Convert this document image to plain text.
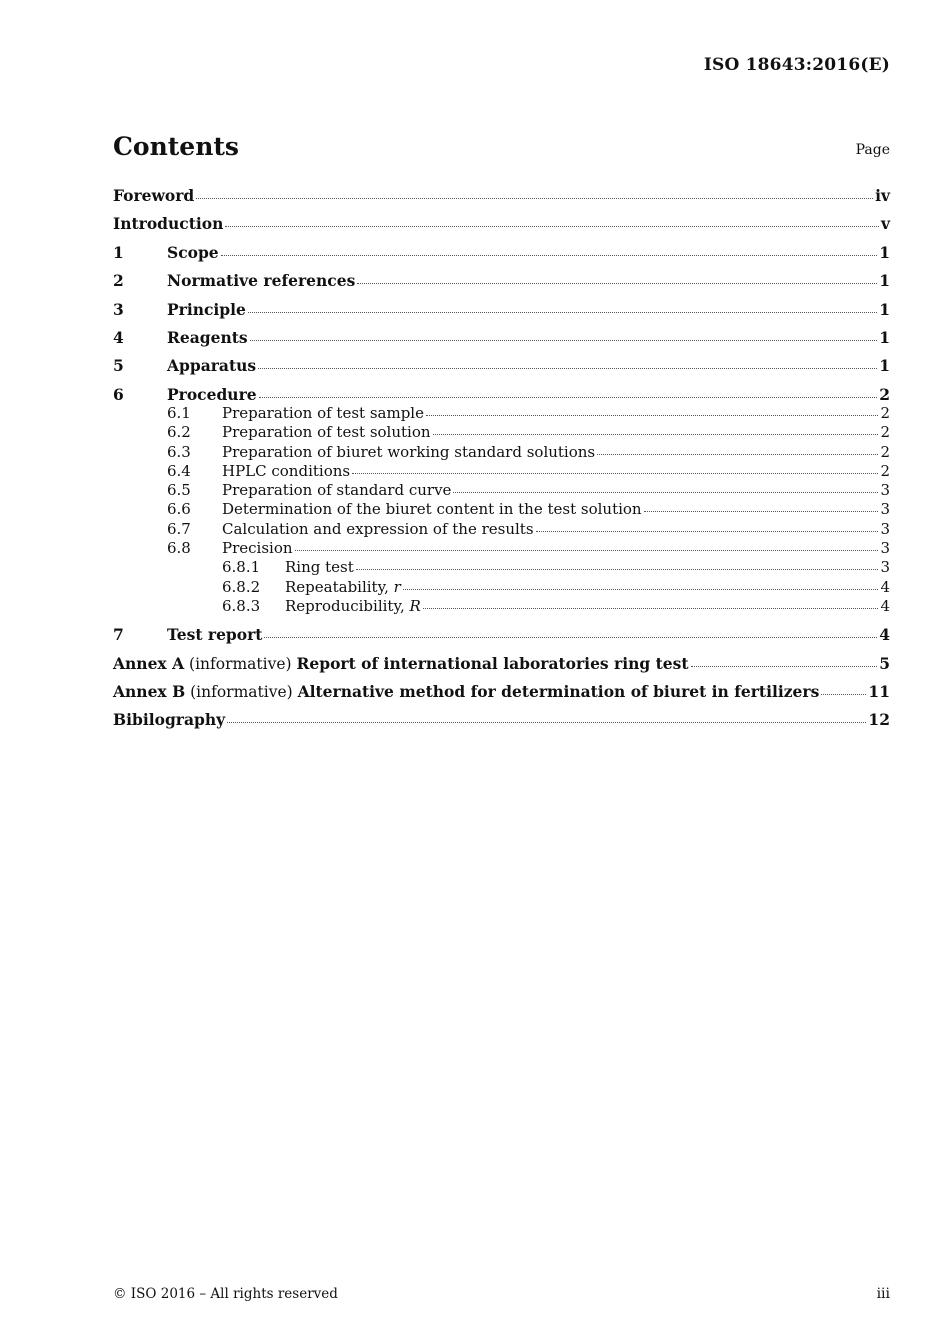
ISO 18643:2016(E)
Contents	Page
Foreword	iv
Introduction	v
1	Scope	1
2	Normative references	1
3	Principle	1
4	Reagents	1
5	Apparatus	1
6	Procedure	2
6.1	Preparation of test sample	2
6.2	Preparation of test solution	2
6.3	Preparation of biuret working standard solutions	2
6.4	HPLC conditions	2
6.5	Preparation of standard curve	3
6.6	Determination of the biuret content in the test solution	3
6.7	Calculation and expression of the results	3
6.8	Precision	3
6.8.1	Ring test	3
6.8.2	Repeatability, r	4
6.8.3	Reproducibility, R	4
7	Test report	4
Annex A (informative) Report of international laboratories ring test	5
Annex B (informative) Alternative method for determination of biuret in fertilizers	11
Bibilography	12
© ISO 2016 – All rights reserved	iii
